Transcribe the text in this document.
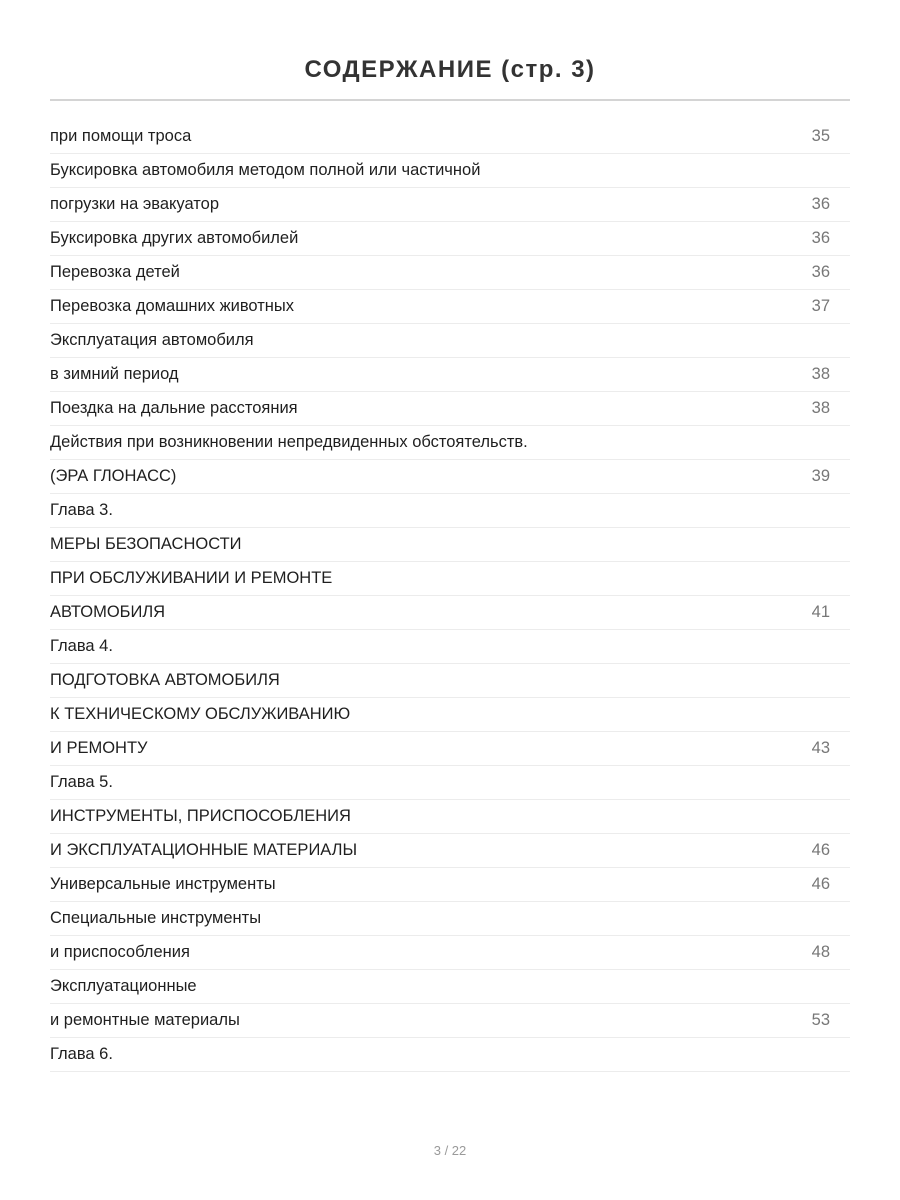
СОДЕРЖАНИЕ (стр. 3)
при помощи троса	35
Буксировка автомобиля методом полной или частичной
погрузки на эвакуатор	36
Буксировка других автомобилей	36
Перевозка детей	36
Перевозка домашних животных	37
Эксплуатация автомобиля
в зимний период	38
Поездка на дальние расстояния	38
Действия при возникновении непредвиденных обстоятельств.
(ЭРА ГЛОНАСС)	39
Глава 3.
МЕРЫ БЕЗОПАСНОСТИ
ПРИ ОБСЛУЖИВАНИИ И РЕМОНТЕ
АВТОМОБИЛЯ	41
Глава 4.
ПОДГОТОВКА АВТОМОБИЛЯ
К ТЕХНИЧЕСКОМУ ОБСЛУЖИВАНИЮ
И РЕМОНТУ	43
Глава 5.
ИНСТРУМЕНТЫ, ПРИСПОСОБЛЕНИЯ
И ЭКСПЛУАТАЦИОННЫЕ МАТЕРИАЛЫ	46
Универсальные инструменты	46
Специальные инструменты
и приспособления	48
Эксплуатационные
и ремонтные материалы	53
Глава 6.
3 / 22
